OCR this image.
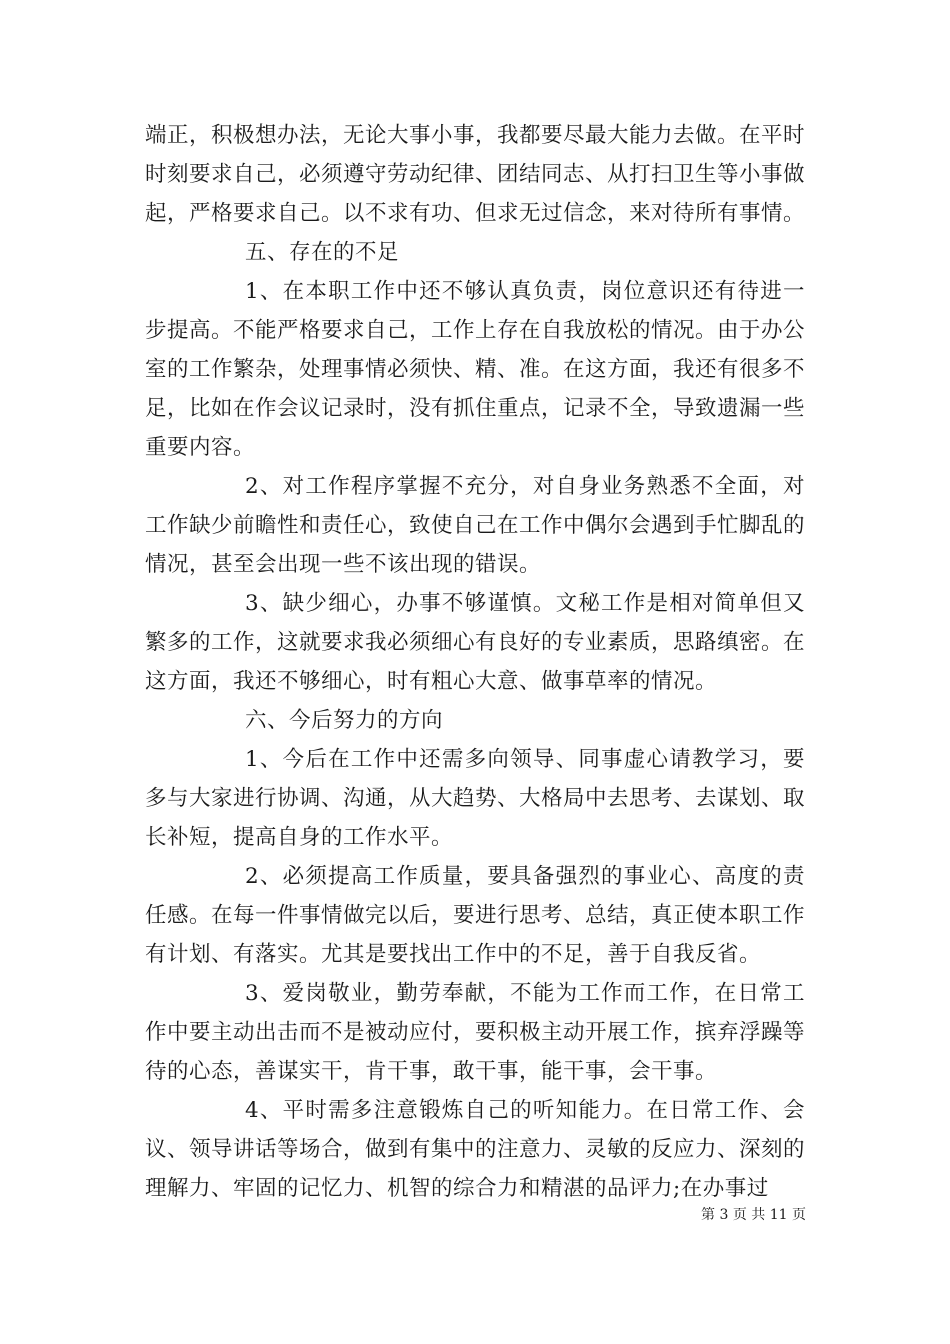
端正，积极想办法，无论大事小事，我都要尽最大能力去做。在平时时刻要求自己，必须遵守劳动纪律、团结同志、从打扫卫生等小事做起，严格要求自己。以不求有功、但求无过信念，来对待所有事情。

五、存在的不足

1、在本职工作中还不够认真负责，岗位意识还有待进一步提高。不能严格要求自己，工作上存在自我放松的情况。由于办公室的工作繁杂，处理事情必须快、精、准。在这方面，我还有很多不足，比如在作会议记录时，没有抓住重点，记录不全，导致遗漏一些重要内容。

2、对工作程序掌握不充分，对自身业务熟悉不全面，对工作缺少前瞻性和责任心，致使自己在工作中偶尔会遇到手忙脚乱的情况，甚至会出现一些不该出现的错误。

3、缺少细心，办事不够谨慎。文秘工作是相对简单但又繁多的工作，这就要求我必须细心有良好的专业素质，思路缜密。在这方面，我还不够细心，时有粗心大意、做事草率的情况。

六、今后努力的方向

1、今后在工作中还需多向领导、同事虚心请教学习，要多与大家进行协调、沟通，从大趋势、大格局中去思考、去谋划、取长补短，提高自身的工作水平。

2、必须提高工作质量，要具备强烈的事业心、高度的责任感。在每一件事情做完以后，要进行思考、总结，真正使本职工作有计划、有落实。尤其是要找出工作中的不足，善于自我反省。

3、爱岗敬业，勤劳奉献，不能为工作而工作，在日常工作中要主动出击而不是被动应付，要积极主动开展工作，摈弃浮躁等待的心态，善谋实干，肯干事，敢干事，能干事，会干事。

4、平时需多注意锻炼自己的听知能力。在日常工作、会议、领导讲话等场合，做到有集中的注意力、灵敏的反应力、深刻的理解力、牢固的记忆力、机智的综合力和精湛的品评力;在办事过

第 3 页 共 11 页
